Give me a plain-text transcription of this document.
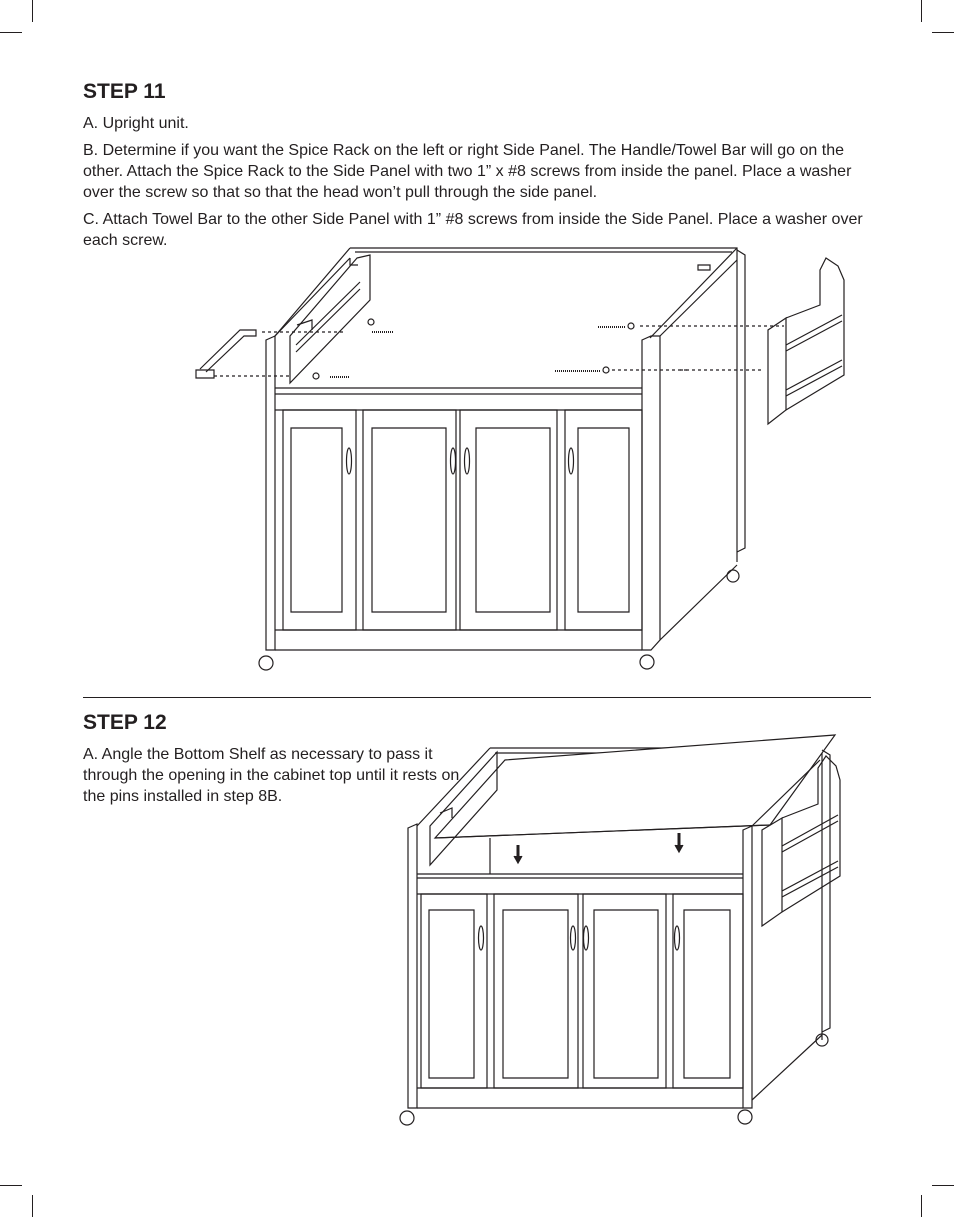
STEP 11

A. Upright unit.

B. Determine if you want the Spice Rack on the left or right Side Panel. The Handle/Towel Bar will go on the other. Attach the Spice Rack to the Side Panel with two 1” x #8 screws from inside the panel. Place a washer over the screw so that so that the head won’t pull through the side panel.

C. Attach Towel Bar to the other Side Panel with 1” #8 screws from inside the Side Panel. Place a washer over each screw.

STEP 12

A. Angle the Bottom Shelf as necessary to pass it through the opening in the cabinet top until it rests on the pins installed in step 8B.
